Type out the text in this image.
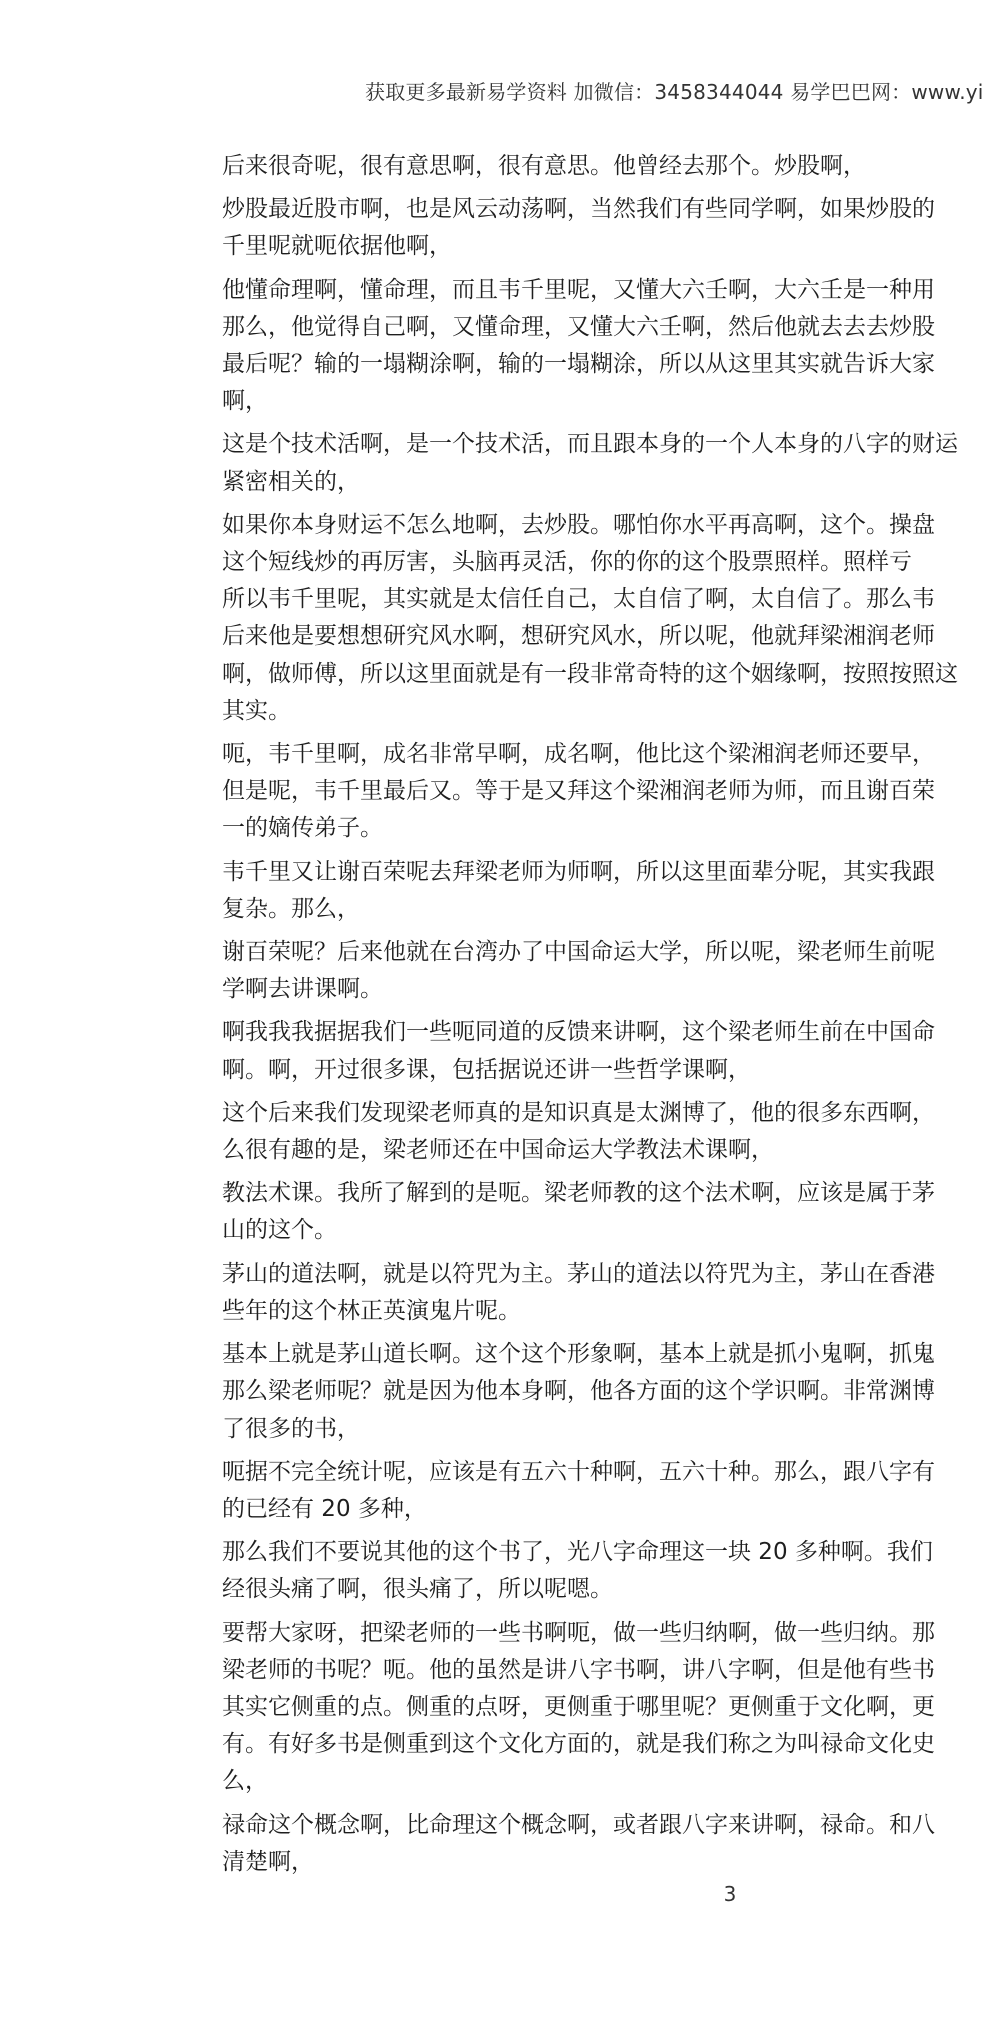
获取更多最新易学资料 加微信：3458344044 易学巴巴网：www.yi
后来很奇呢，很有意思啊，很有意思。他曾经去那个。炒股啊，
炒股最近股市啊，也是风云动荡啊，当然我们有些同学啊，如果炒股的
千里呢就呃依据他啊，
他懂命理啊，懂命理，而且韦千里呢，又懂大六壬啊，大六壬是一种用
那么，他觉得自己啊，又懂命理，又懂大六壬啊，然后他就去去去炒股
最后呢？输的一塌糊涂啊，输的一塌糊涂，所以从这里其实就告诉大家
啊，
这是个技术活啊，是一个技术活，而且跟本身的一个人本身的八字的财运
紧密相关的，
如果你本身财运不怎么地啊，去炒股。哪怕你水平再高啊，这个。操盘
这个短线炒的再厉害，头脑再灵活，你的你的这个股票照样。照样亏
所以韦千里呢，其实就是太信任自己，太自信了啊，太自信了。那么韦
后来他是要想想研究风水啊，想研究风水，所以呢，他就拜梁湘润老师
啊，做师傅，所以这里面就是有一段非常奇特的这个姻缘啊，按照按照这
其实。
呃，韦千里啊，成名非常早啊，成名啊，他比这个梁湘润老师还要早，
但是呢，韦千里最后又。等于是又拜这个梁湘润老师为师，而且谢百荣
一的嫡传弟子。
韦千里又让谢百荣呢去拜梁老师为师啊，所以这里面辈分呢，其实我跟
复杂。那么，
谢百荣呢？后来他就在台湾办了中国命运大学，所以呢，梁老师生前呢
学啊去讲课啊。
啊我我我据据我们一些呃同道的反馈来讲啊，这个梁老师生前在中国命
啊。啊，开过很多课，包括据说还讲一些哲学课啊，
这个后来我们发现梁老师真的是知识真是太渊博了，他的很多东西啊，
么很有趣的是，梁老师还在中国命运大学教法术课啊，
教法术课。我所了解到的是呃。梁老师教的这个法术啊，应该是属于茅
山的这个。
茅山的道法啊，就是以符咒为主。茅山的道法以符咒为主，茅山在香港
些年的这个林正英演鬼片呢。
基本上就是茅山道长啊。这个这个形象啊，基本上就是抓小鬼啊，抓鬼
那么梁老师呢？就是因为他本身啊，他各方面的这个学识啊。非常渊博
了很多的书，
呃据不完全统计呢，应该是有五六十种啊，五六十种。那么，跟八字有
的已经有 20 多种，
那么我们不要说其他的这个书了，光八字命理这一块 20 多种啊。我们
经很头痛了啊，很头痛了，所以呢嗯。
要帮大家呀，把梁老师的一些书啊呃，做一些归纳啊，做一些归纳。那
梁老师的书呢？呃。他的虽然是讲八字书啊，讲八字啊，但是他有些书
其实它侧重的点。侧重的点呀，更侧重于哪里呢？更侧重于文化啊，更
有。有好多书是侧重到这个文化方面的，就是我们称之为叫禄命文化史
么，
禄命这个概念啊，比命理这个概念啊，或者跟八字来讲啊，禄命。和八
清楚啊，
3
